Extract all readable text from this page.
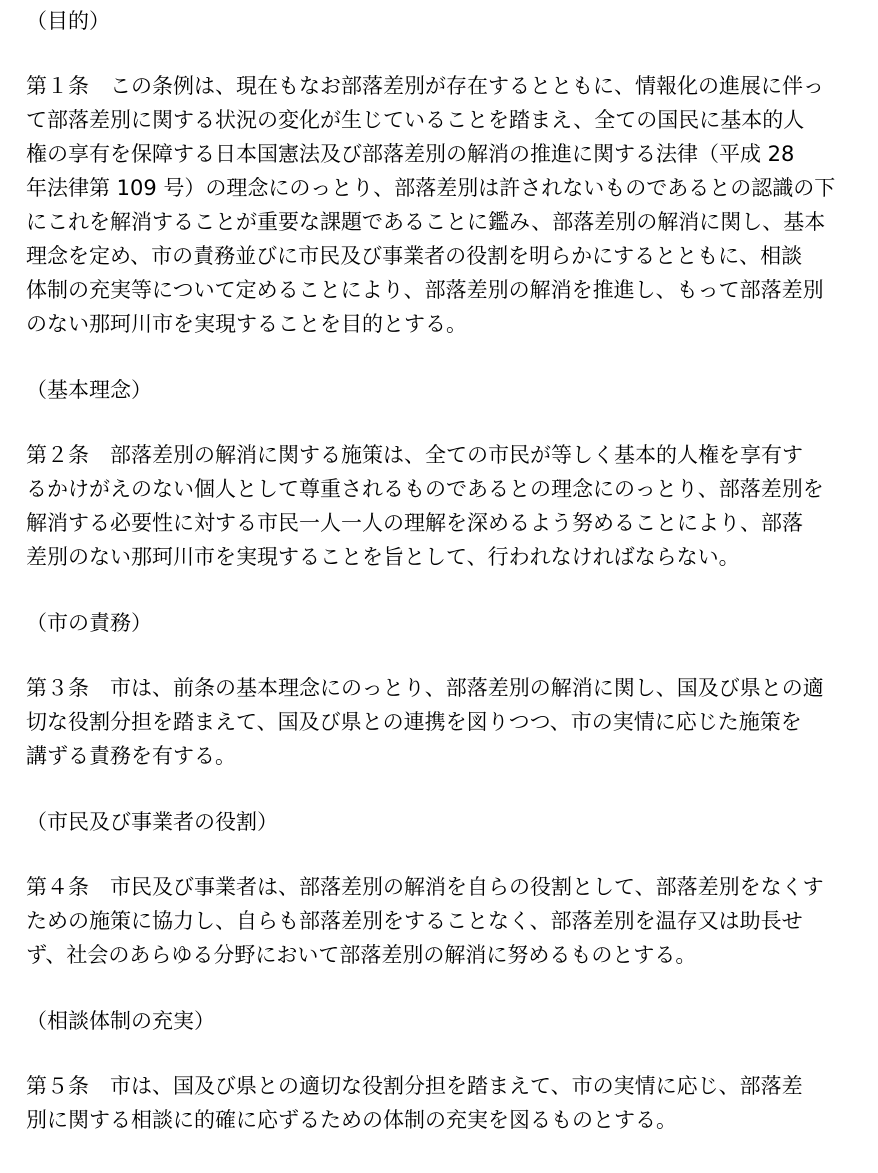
（目的）

第１条　この条例は、現在もなお部落差別が存在するとともに、情報化の進展に伴っ
て部落差別に関する状況の変化が生じていることを踏まえ、全ての国民に基本的人
権の享有を保障する日本国憲法及び部落差別の解消の推進に関する法律（平成 28
年法律第 109 号）の理念にのっとり、部落差別は許されないものであるとの認識の下
にこれを解消することが重要な課題であることに鑑み、部落差別の解消に関し、基本
理念を定め、市の責務並びに市民及び事業者の役割を明らかにするとともに、相談
体制の充実等について定めることにより、部落差別の解消を推進し、もって部落差別
のない那珂川市を実現することを目的とする。

（基本理念）

第２条　部落差別の解消に関する施策は、全ての市民が等しく基本的人権を享有す
るかけがえのない個人として尊重されるものであるとの理念にのっとり、部落差別を
解消する必要性に対する市民一人一人の理解を深めるよう努めることにより、部落
差別のない那珂川市を実現することを旨として、行われなければならない。

（市の責務）

第３条　市は、前条の基本理念にのっとり、部落差別の解消に関し、国及び県との適
切な役割分担を踏まえて、国及び県との連携を図りつつ、市の実情に応じた施策を
講ずる責務を有する。

（市民及び事業者の役割）

第４条　市民及び事業者は、部落差別の解消を自らの役割として、部落差別をなくす
ための施策に協力し、自らも部落差別をすることなく、部落差別を温存又は助長せ
ず、社会のあらゆる分野において部落差別の解消に努めるものとする。

（相談体制の充実）

第５条　市は、国及び県との適切な役割分担を踏まえて、市の実情に応じ、部落差
別に関する相談に的確に応ずるための体制の充実を図るものとする。
